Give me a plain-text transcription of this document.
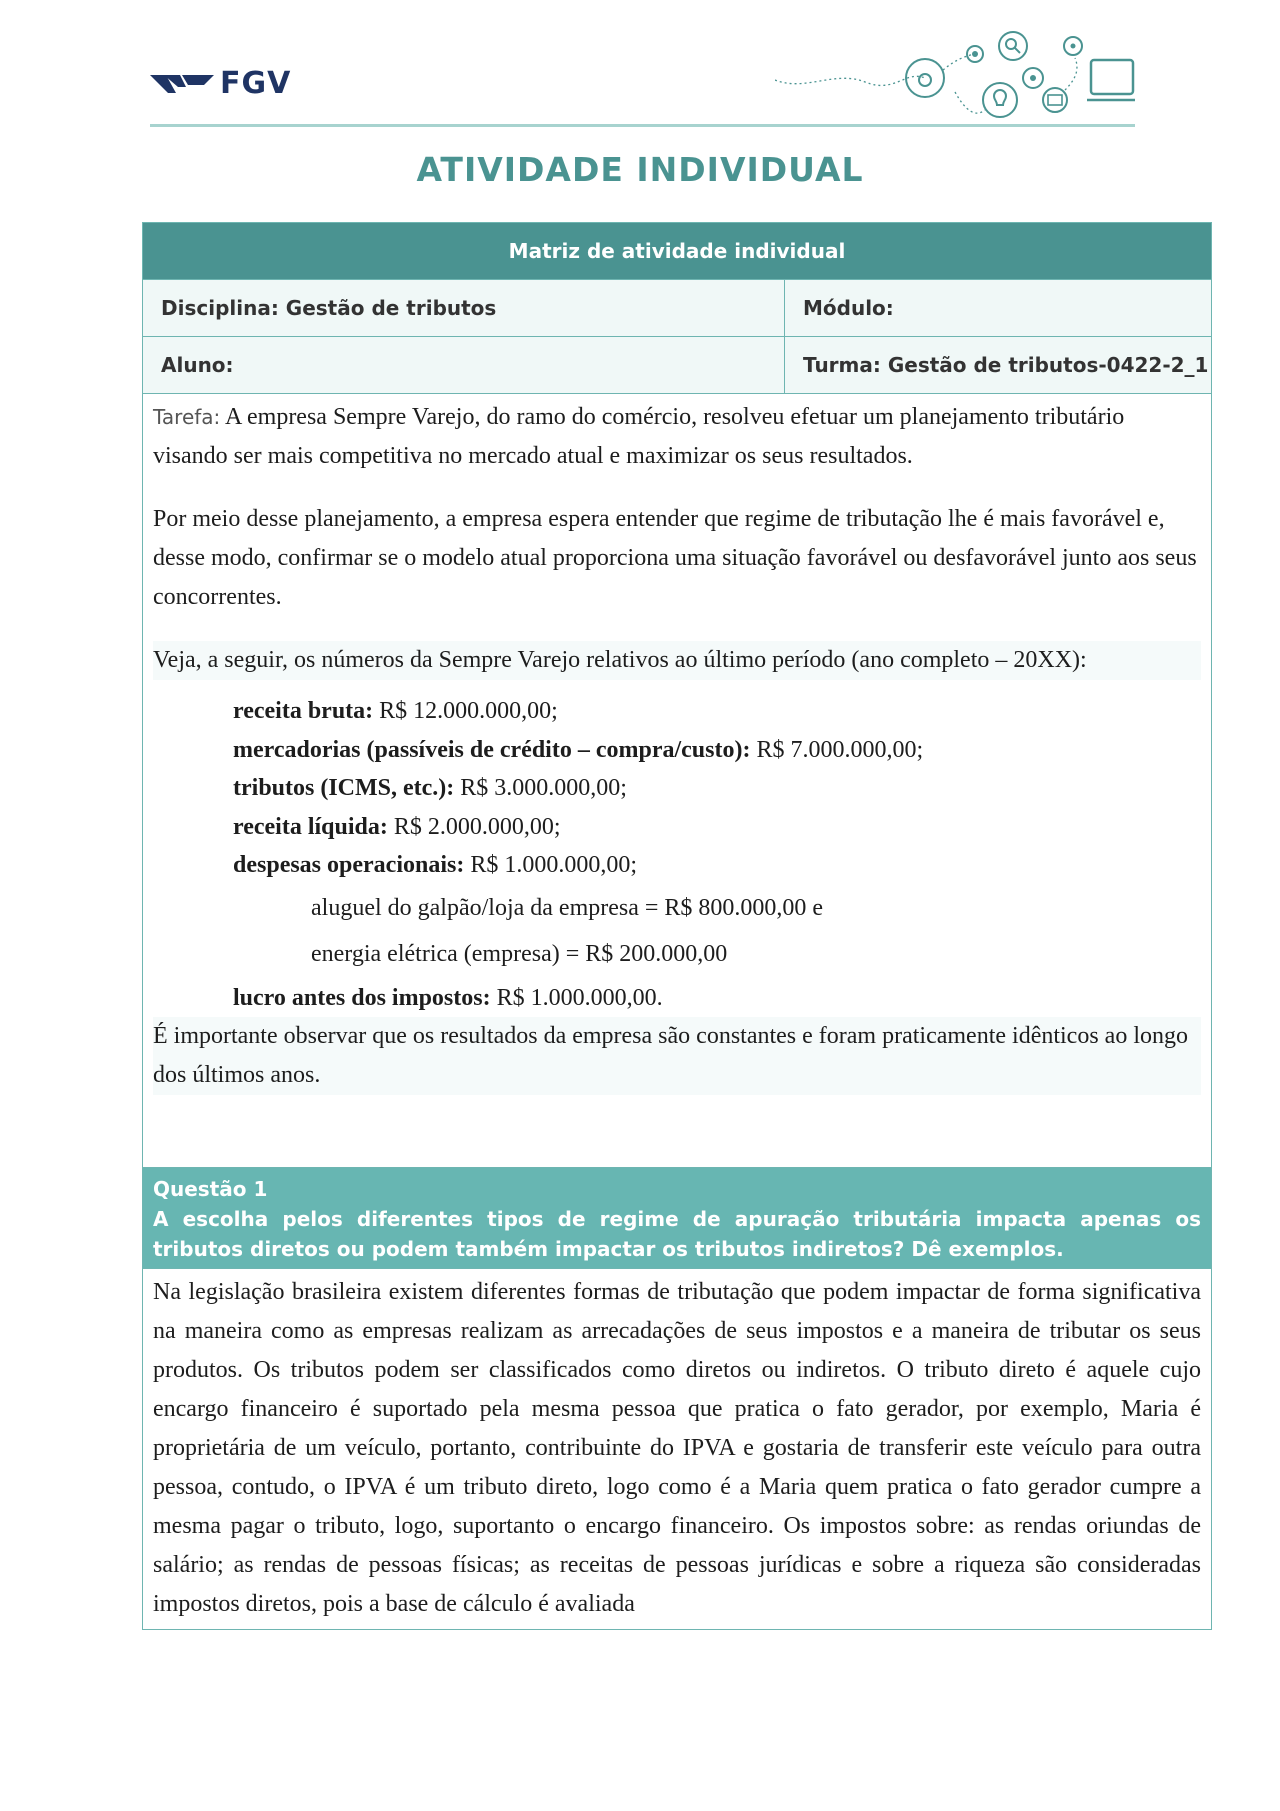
FGV
ATIVIDADE INDIVIDUAL
Matriz de atividade individual
Disciplina: Gestão de tributos	Módulo:
Aluno:	Turma: Gestão de tributos-0422-2_1

Tarefa: A empresa Sempre Varejo, do ramo do comércio, resolveu efetuar um planejamento tributário visando ser mais competitiva no mercado atual e maximizar os seus resultados.

Por meio desse planejamento, a empresa espera entender que regime de tributação lhe é mais favorável e, desse modo, confirmar se o modelo atual proporciona uma situação favorável ou desfavorável junto aos seus concorrentes.

Veja, a seguir, os números da Sempre Varejo relativos ao último período (ano completo – 20XX):

receita bruta: R$ 12.000.000,00;
mercadorias (passíveis de crédito – compra/custo): R$ 7.000.000,00;
tributos (ICMS, etc.): R$ 3.000.000,00;
receita líquida: R$ 2.000.000,00;
despesas operacionais: R$ 1.000.000,00;
aluguel do galpão/loja da empresa = R$ 800.000,00 e
energia elétrica (empresa) = R$ 200.000,00
lucro antes dos impostos: R$ 1.000.000,00.

É importante observar que os resultados da empresa são constantes e foram praticamente idênticos ao longo dos últimos anos.

Questão 1
A escolha pelos diferentes tipos de regime de apuração tributária impacta apenas os tributos diretos ou podem também impactar os tributos indiretos? Dê exemplos.
Na legislação brasileira existem diferentes formas de tributação que podem impactar de forma significativa na maneira como as empresas realizam as arrecadações de seus impostos e a maneira de tributar os seus produtos. Os tributos podem ser classificados como diretos ou indiretos. O tributo direto é aquele cujo encargo financeiro é suportado pela mesma pessoa que pratica o fato gerador, por exemplo, Maria é proprietária de um veículo, portanto, contribuinte do IPVA e gostaria de transferir este veículo para outra pessoa, contudo, o IPVA é um tributo direto, logo como é a Maria quem pratica o fato gerador cumpre a mesma pagar o tributo, logo, suportanto o encargo financeiro. Os impostos sobre: as rendas oriundas de salário; as rendas de pessoas físicas; as receitas de pessoas jurídicas e sobre a riqueza são consideradas impostos diretos, pois a base de cálculo é avaliada
